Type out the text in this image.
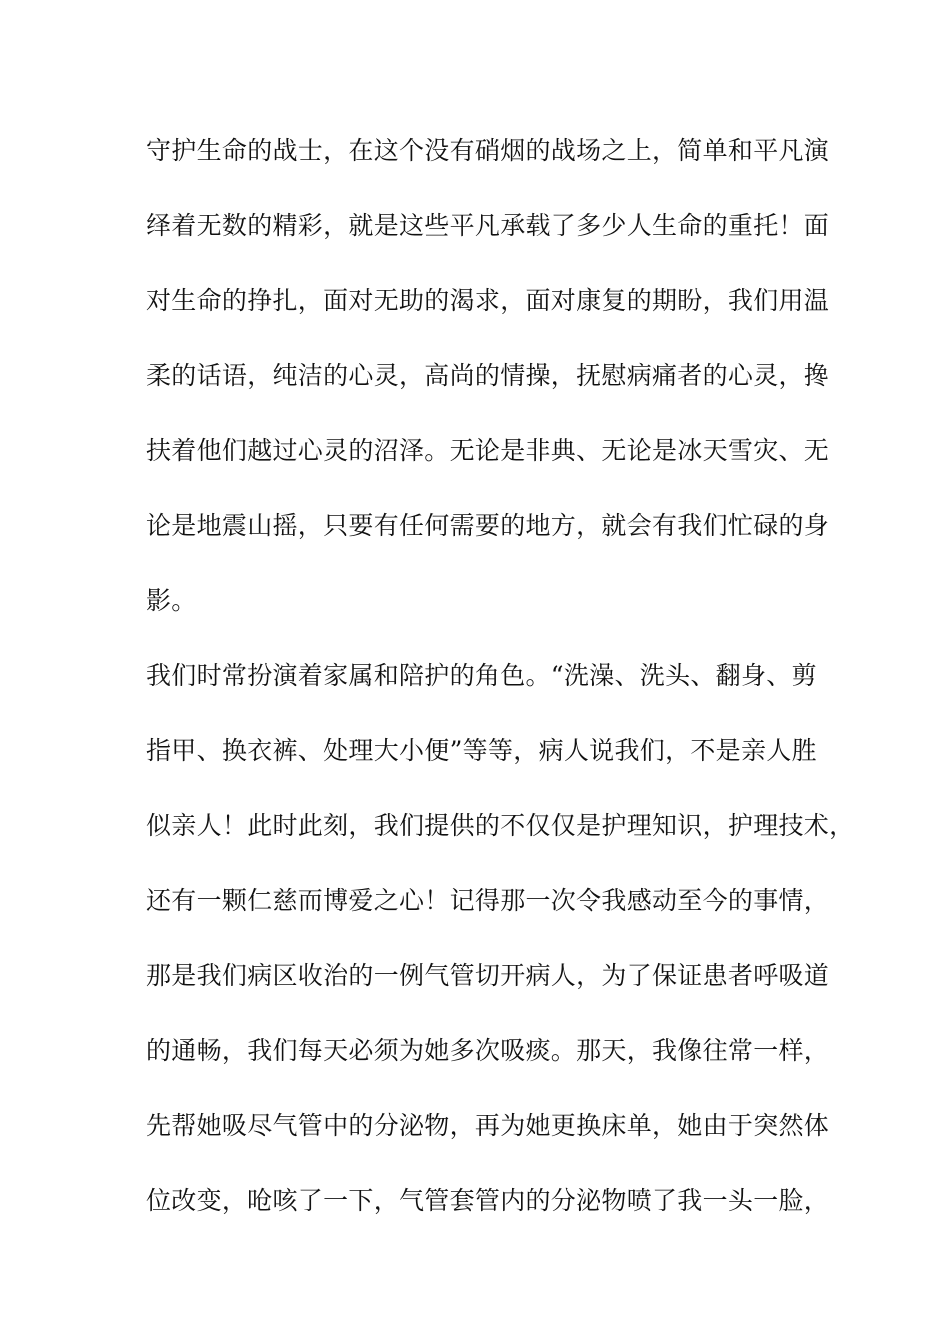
守护生命的战士，在这个没有硝烟的战场之上，简单和平凡演
绎着无数的精彩，就是这些平凡承载了多少人生命的重托！面
对生命的挣扎，面对无助的渴求，面对康复的期盼，我们用温
柔的话语，纯洁的心灵，高尚的情操，抚慰病痛者的心灵，搀
扶着他们越过心灵的沼泽。无论是非典、无论是冰天雪灾、无
论是地震山摇，只要有任何需要的地方，就会有我们忙碌的身
影。
我们时常扮演着家属和陪护的角色。“洗澡、洗头、翻身、剪
指甲、换衣裤、处理大小便”等等，病人说我们，不是亲人胜
似亲人！此时此刻，我们提供的不仅仅是护理知识，护理技术，
还有一颗仁慈而博爱之心！记得那一次令我感动至今的事情，
那是我们病区收治的一例气管切开病人，为了保证患者呼吸道
的通畅，我们每天必须为她多次吸痰。那天，我像往常一样，
先帮她吸尽气管中的分泌物，再为她更换床单，她由于突然体
位改变，呛咳了一下，气管套管内的分泌物喷了我一头一脸，
